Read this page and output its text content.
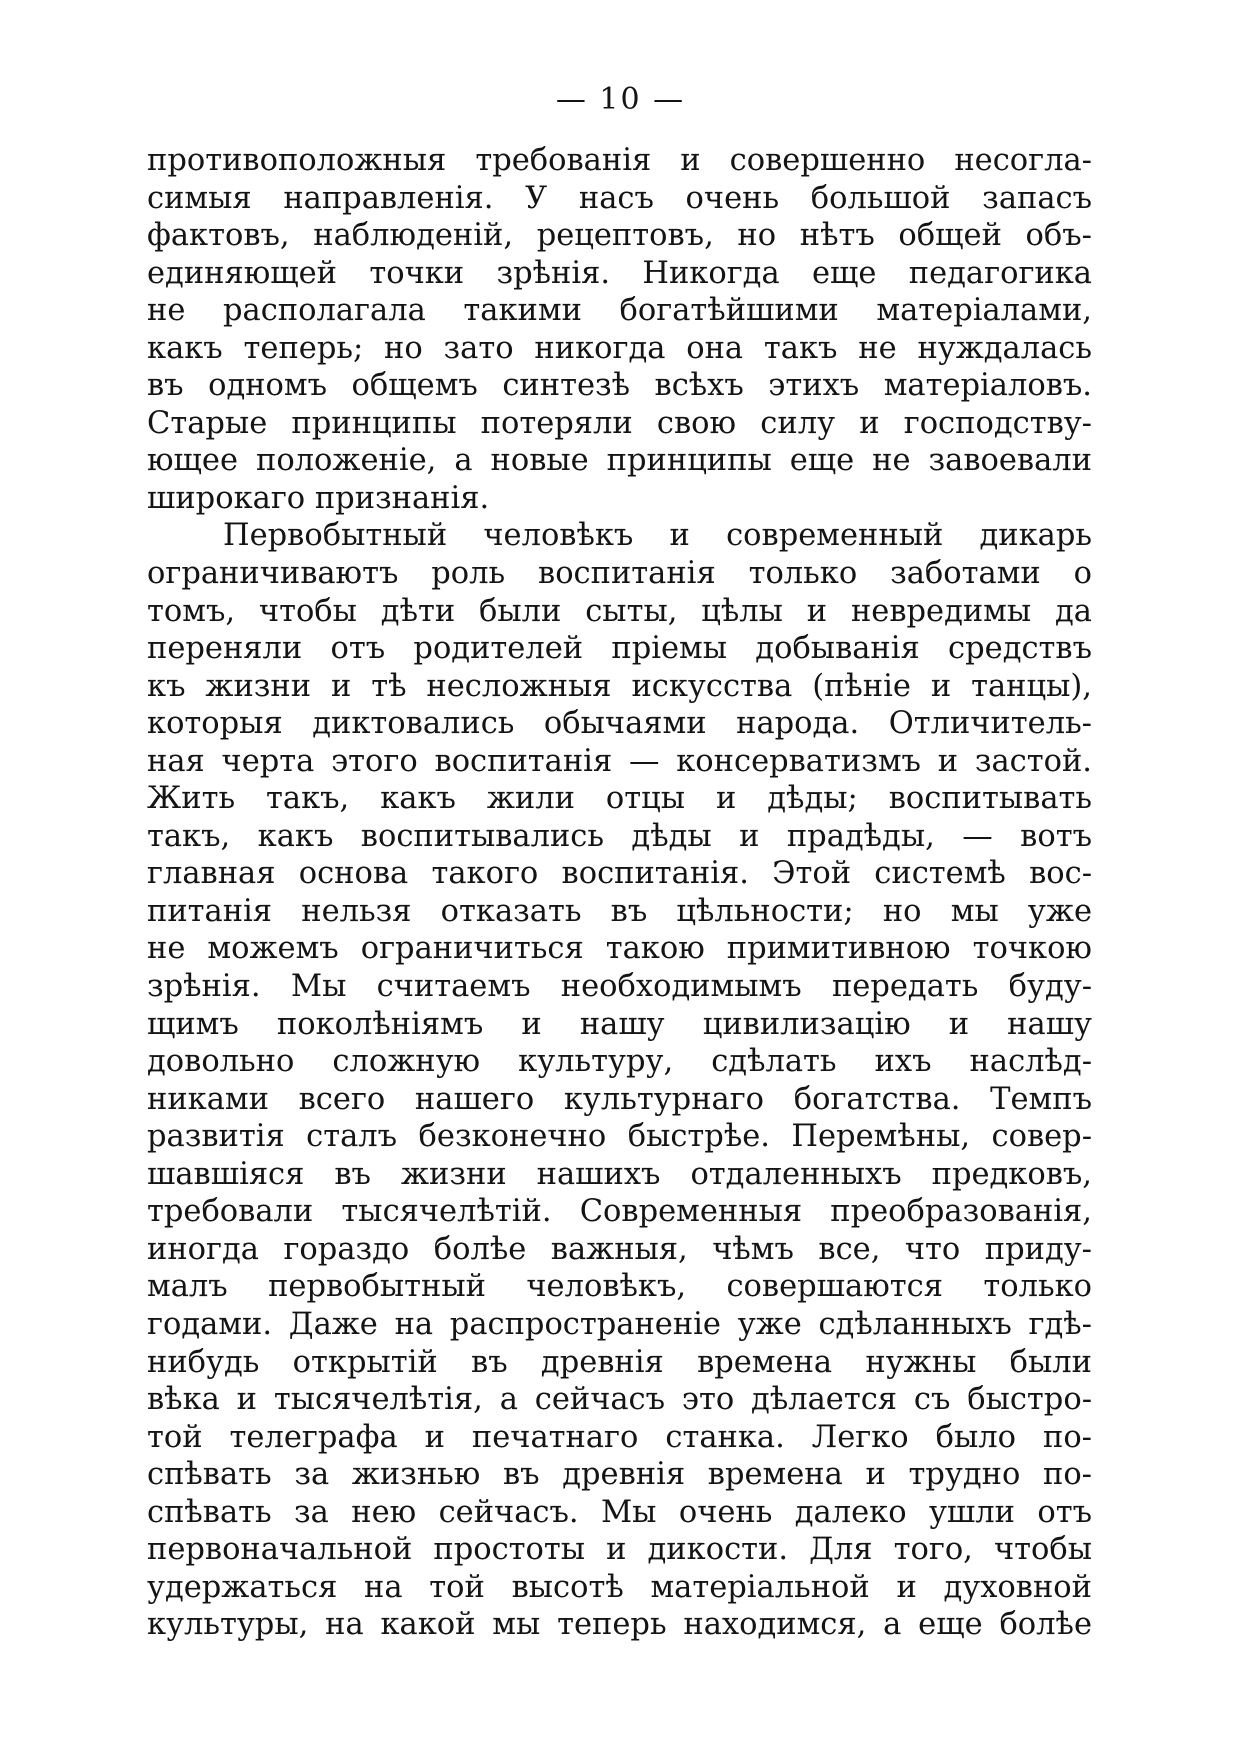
— 10 —
противоположныя требованія и совершенно несогла-
симыя направленія. У насъ очень большой запасъ
фактовъ, наблюденій, рецептовъ, но нѣтъ общей объ-
единяющей точки зрѣнія. Никогда еще педагогика
не располагала такими богатѣйшими матеріалами,
какъ теперь; но зато никогда она такъ не нуждалась
въ одномъ общемъ синтезѣ всѣхъ этихъ матеріаловъ.
Старые принципы потеряли свою силу и господству-
ющее положеніе, а новые принципы еще не завоевали
широкаго признанія.
Первобытный человѣкъ и современный дикарь
ограничиваютъ роль воспитанія только заботами о
томъ, чтобы дѣти были сыты, цѣлы и невредимы да
переняли отъ родителей пріемы добыванія средствъ
къ жизни и тѣ несложныя искусства (пѣніе и танцы),
которыя диктовались обычаями народа. Отличитель-
ная черта этого воспитанія — консерватизмъ и застой.
Жить такъ, какъ жили отцы и дѣды; воспитывать
такъ, какъ воспитывались дѣды и прадѣды, — вотъ
главная основа такого воспитанія. Этой системѣ вос-
питанія нельзя отказать въ цѣльности; но мы уже
не можемъ ограничиться такою примитивною точкою
зрѣнія. Мы считаемъ необходимымъ передать буду-
щимъ поколѣніямъ и нашу цивилизацію и нашу
довольно сложную культуру, сдѣлать ихъ наслѣд-
никами всего нашего культурнаго богатства. Темпъ
развитія сталъ безконечно быстрѣе. Перемѣны, совер-
шавшіяся въ жизни нашихъ отдаленныхъ предковъ,
требовали тысячелѣтій. Современныя преобразованія,
иногда гораздо болѣе важныя, чѣмъ все, что приду-
малъ первобытный человѣкъ, совершаются только
годами. Даже на распространеніе уже сдѣланныхъ гдѣ-
нибудь открытій въ древнія времена нужны были
вѣка и тысячелѣтія, а сейчасъ это дѣлается съ быстро-
той телеграфа и печатнаго станка. Легко было по-
спѣвать за жизнью въ древнія времена и трудно по-
спѣвать за нею сейчасъ. Мы очень далеко ушли отъ
первоначальной простоты и дикости. Для того, чтобы
удержаться на той высотѣ матеріальной и духовной
культуры, на какой мы теперь находимся, а еще болѣе
